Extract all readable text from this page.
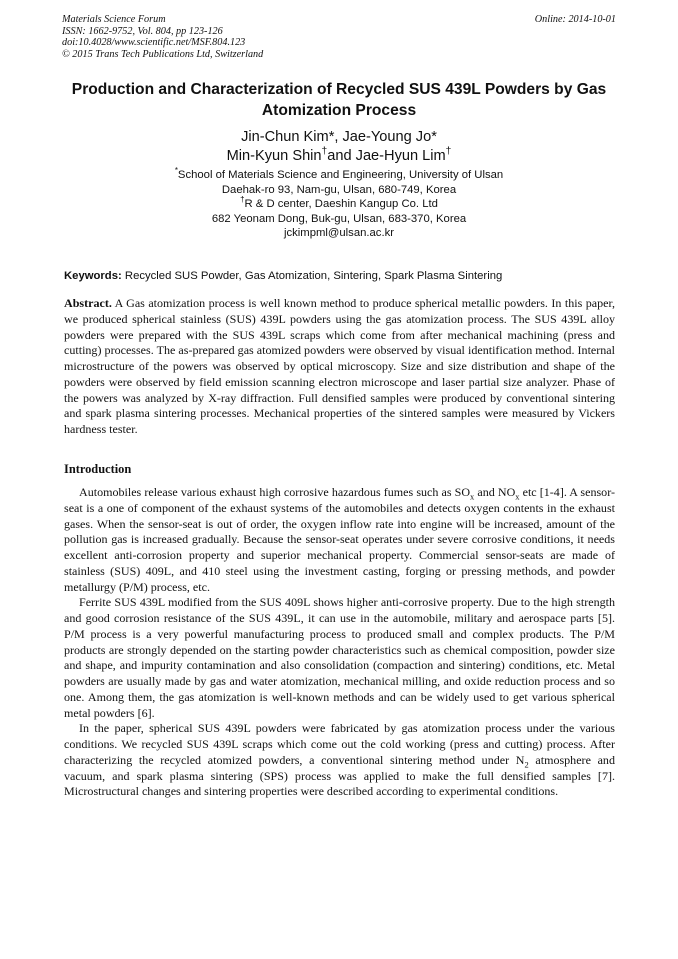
Materials Science Forum
ISSN: 1662-9752, Vol. 804, pp 123-126
doi:10.4028/www.scientific.net/MSF.804.123
© 2015 Trans Tech Publications Ltd, Switzerland
Online: 2014-10-01
Production and Characterization of Recycled SUS 439L Powders by Gas
Atomization Process
Jin-Chun Kim*, Jae-Young Jo*
Min-Kyun Shin†and Jae-Hyun Lim†
*School of Materials Science and Engineering, University of Ulsan
Daehak-ro 93, Nam-gu, Ulsan, 680-749, Korea
†R & D center, Daeshin Kangup Co. Ltd
682 Yeonam Dong, Buk-gu, Ulsan, 683-370, Korea
jckimpml@ulsan.ac.kr
Keywords: Recycled SUS Powder, Gas Atomization, Sintering, Spark Plasma Sintering

Abstract. A Gas atomization process is well known method to produce spherical metallic powders. In this paper, we produced spherical stainless (SUS) 439L powders using the gas atomization process. The SUS 439L alloy powders were prepared with the SUS 439L scraps which come from after mechanical machining (press and cutting) processes. The as-prepared gas atomized powders were observed by visual identification method. Internal microstructure of the powers was observed by optical microscopy. Size and size distribution and shape of the powders were observed by field emission scanning electron microscope and laser partial size analyzer. Phase of the powers was analyzed by X-ray diffraction. Full densified samples were produced by conventional sintering and spark plasma sintering processes. Mechanical properties of the sintered samples were measured by Vickers hardness tester.

Introduction

Automobiles release various exhaust high corrosive hazardous fumes such as $SO_x$ and $NO_x$ etc [1-4]. A sensor-seat is a one of component of the exhaust systems of the automobiles and detects oxygen contents in the exhaust gases. When the sensor-seat is out of order, the oxygen inflow rate into engine will be increased, amount of the pollution gas is increased gradually. Because the sensor-seat operates under severe corrosive conditions, it needs excellent anti-corrosion property and superior mechanical property. Commercial sensor-seats are made of stainless (SUS) 409L, and 410 steel using the investment casting, forging or pressing methods, and powder metallurgy (P/M) process, etc.

Ferrite SUS 439L modified from the SUS 409L shows higher anti-corrosive property. Due to the high strength and good corrosion resistance of the SUS 439L, it can use in the automobile, military and aerospace parts [5]. P/M process is a very powerful manufacturing process to produced small and complex products. The P/M products are strongly depended on the starting powder characteristics such as chemical composition, powder size and shape, and impurity contamination and also consolidation (compaction and sintering) conditions, etc. Metal powders are usually made by gas and water atomization, mechanical milling, and oxide reduction process and so one. Among them, the gas atomization is well-known methods and can be widely used to get various spherical metal powders [6].

In the paper, spherical SUS 439L powders were fabricated by gas atomization process under the various conditions. We recycled SUS 439L scraps which come out the cold working (press and cutting) process. After characterizing the recycled atomized powders, a conventional sintering method under $N_2$ atmosphere and vacuum, and spark plasma sintering (SPS) process was applied to make the full densified samples [7]. Microstructural changes and sintering properties were described according to experimental conditions.
